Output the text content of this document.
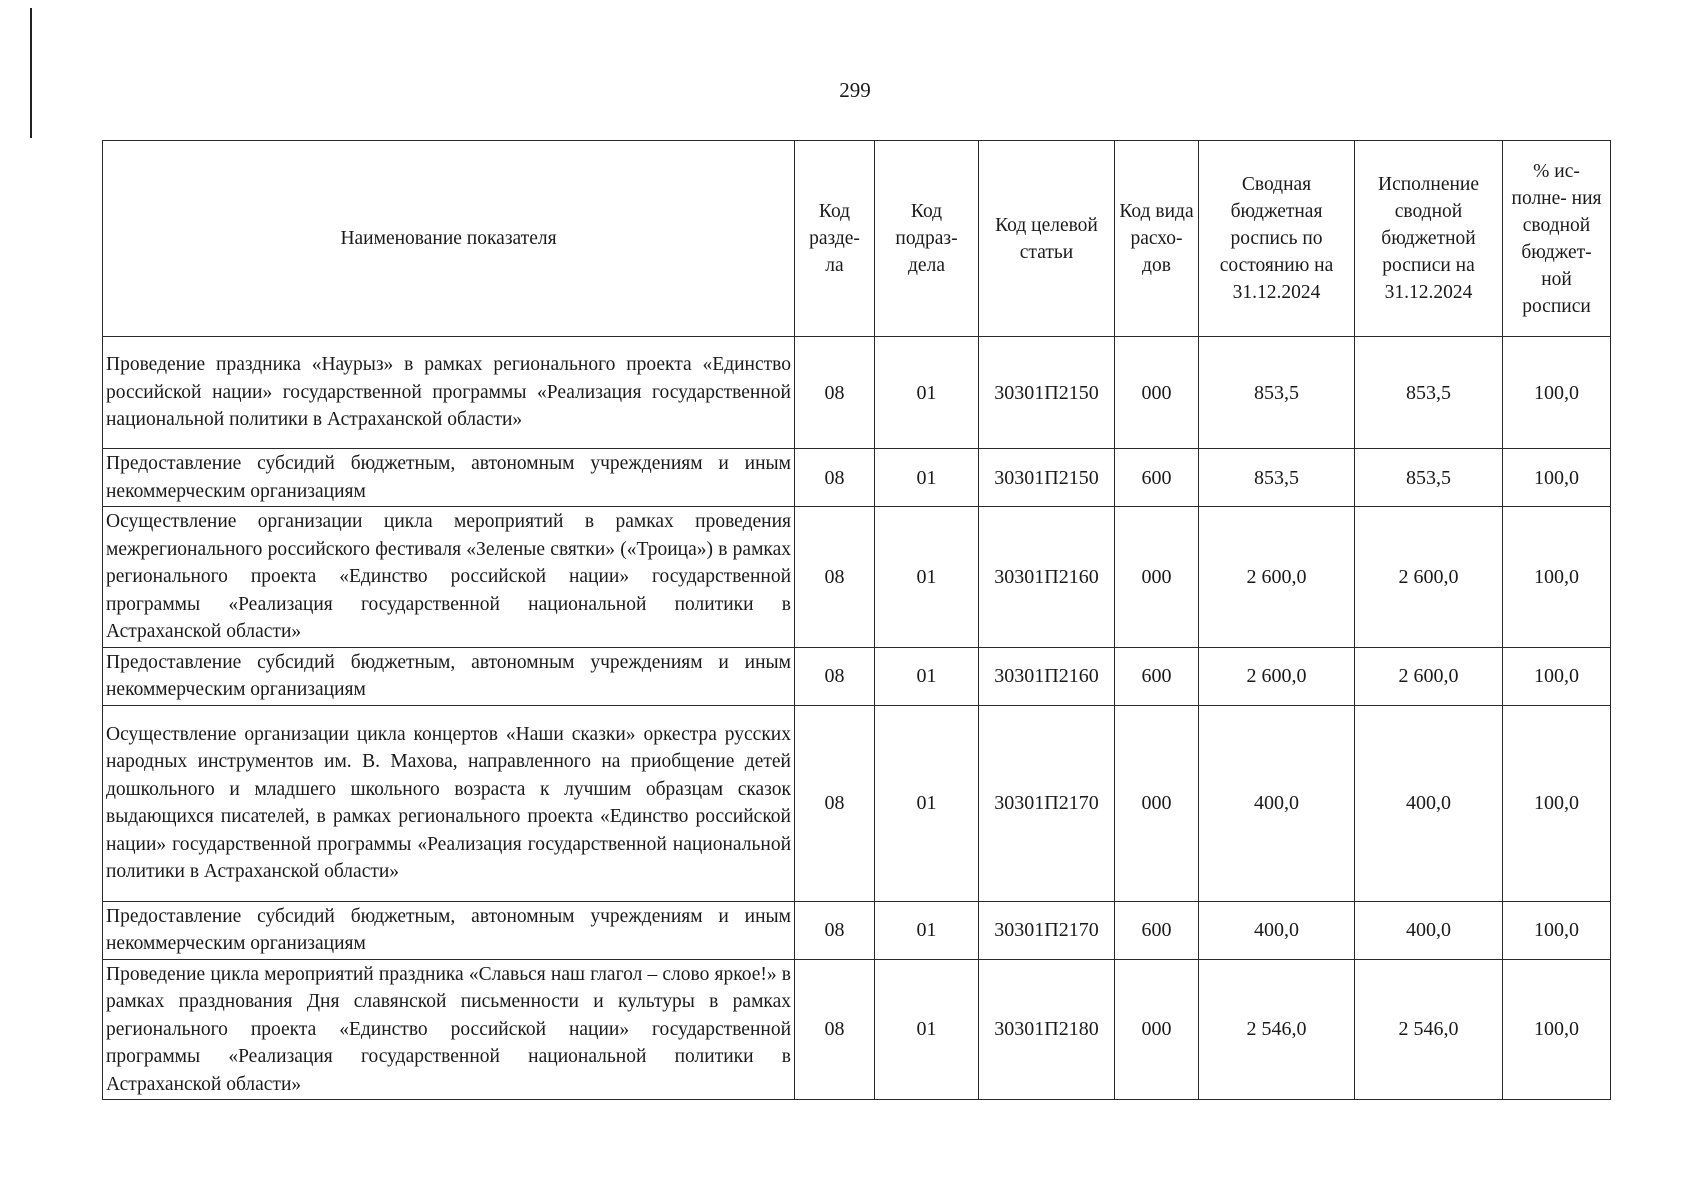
299
Наименование показателя	Код разде- ла	Код подраз- дела	Код целевой статьи	Код вида расхо- дов	Сводная бюджетная роспись по состоянию на 31.12.2024	Исполнение сводной бюджетной росписи на 31.12.2024	% ис- полне- ния сводной бюджет- ной росписи
Проведение праздника «Наурыз» в рамках регионального проекта «Единство российской нации» государственной программы «Реализация государственной национальной политики в Астраханской области»	08	01	30301П2150	000	853,5	853,5	100,0
Предоставление субсидий бюджетным, автономным учреждениям и иным некоммерческим организациям	08	01	30301П2150	600	853,5	853,5	100,0
Осуществление организации цикла мероприятий в рамках проведения межрегионального российского фестиваля «Зеленые святки» («Троица») в рамках регионального проекта «Единство российской нации» государственной программы «Реализация государственной национальной политики в Астраханской области»	08	01	30301П2160	000	2 600,0	2 600,0	100,0
Предоставление субсидий бюджетным, автономным учреждениям и иным некоммерческим организациям	08	01	30301П2160	600	2 600,0	2 600,0	100,0
Осуществление организации цикла концертов «Наши сказки» оркестра русских народных инструментов им. В. Махова, направленного на приобщение детей дошкольного и младшего школьного возраста к лучшим образцам сказок выдающихся писателей, в рамках регионального проекта «Единство российской нации» государственной программы «Реализация государственной национальной политики в Астраханской области»	08	01	30301П2170	000	400,0	400,0	100,0
Предоставление субсидий бюджетным, автономным учреждениям и иным некоммерческим организациям	08	01	30301П2170	600	400,0	400,0	100,0
Проведение цикла мероприятий праздника «Славься наш глагол – слово яркое!» в рамках празднования Дня славянской письменности и культуры в рамках регионального проекта «Единство российской нации» государственной программы «Реализация государственной национальной политики в Астраханской области»	08	01	30301П2180	000	2 546,0	2 546,0	100,0
